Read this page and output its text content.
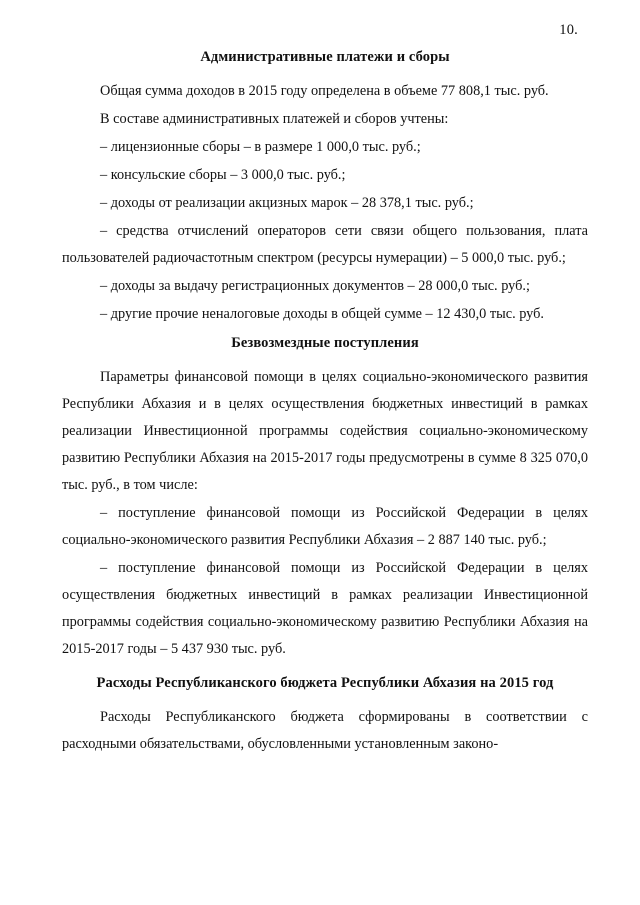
10.
Административные платежи и сборы

Общая сумма доходов в 2015 году определена в объеме 77 808,1 тыс. руб.

В составе административных платежей и сборов учтены:

– лицензионные сборы – в размере 1 000,0 тыс. руб.;

– консульские сборы – 3 000,0 тыс. руб.;

– доходы от реализации акцизных марок – 28 378,1 тыс. руб.;

– средства отчислений операторов сети связи общего пользования, плата пользователей радиочастотным спектром (ресурсы нумерации) – 5 000,0 тыс. руб.;

– доходы за выдачу регистрационных документов – 28 000,0 тыс. руб.;

– другие прочие неналоговые доходы в общей сумме – 12 430,0 тыс. руб.

Безвозмездные поступления

Параметры финансовой помощи в целях социально-экономического развития Республики Абхазия и в целях осуществления бюджетных инвестиций в рамках реализации Инвестиционной программы содействия социально-экономическому развитию Республики Абхазия на 2015-2017 годы предусмотрены в сумме 8 325 070,0 тыс. руб., в том числе:

– поступление финансовой помощи из Российской Федерации в целях социально-экономического развития Республики Абхазия – 2 887 140 тыс. руб.;

– поступление финансовой помощи из Российской Федерации в целях осуществления бюджетных инвестиций в рамках реализации Инвестиционной программы содействия социально-экономическому развитию Республики Абхазия на 2015-2017 годы – 5 437 930 тыс. руб.

Расходы Республиканского бюджета Республики Абхазия на 2015 год

Расходы Республиканского бюджета сформированы в соответствии с расходными обязательствами, обусловленными установленным законо-
